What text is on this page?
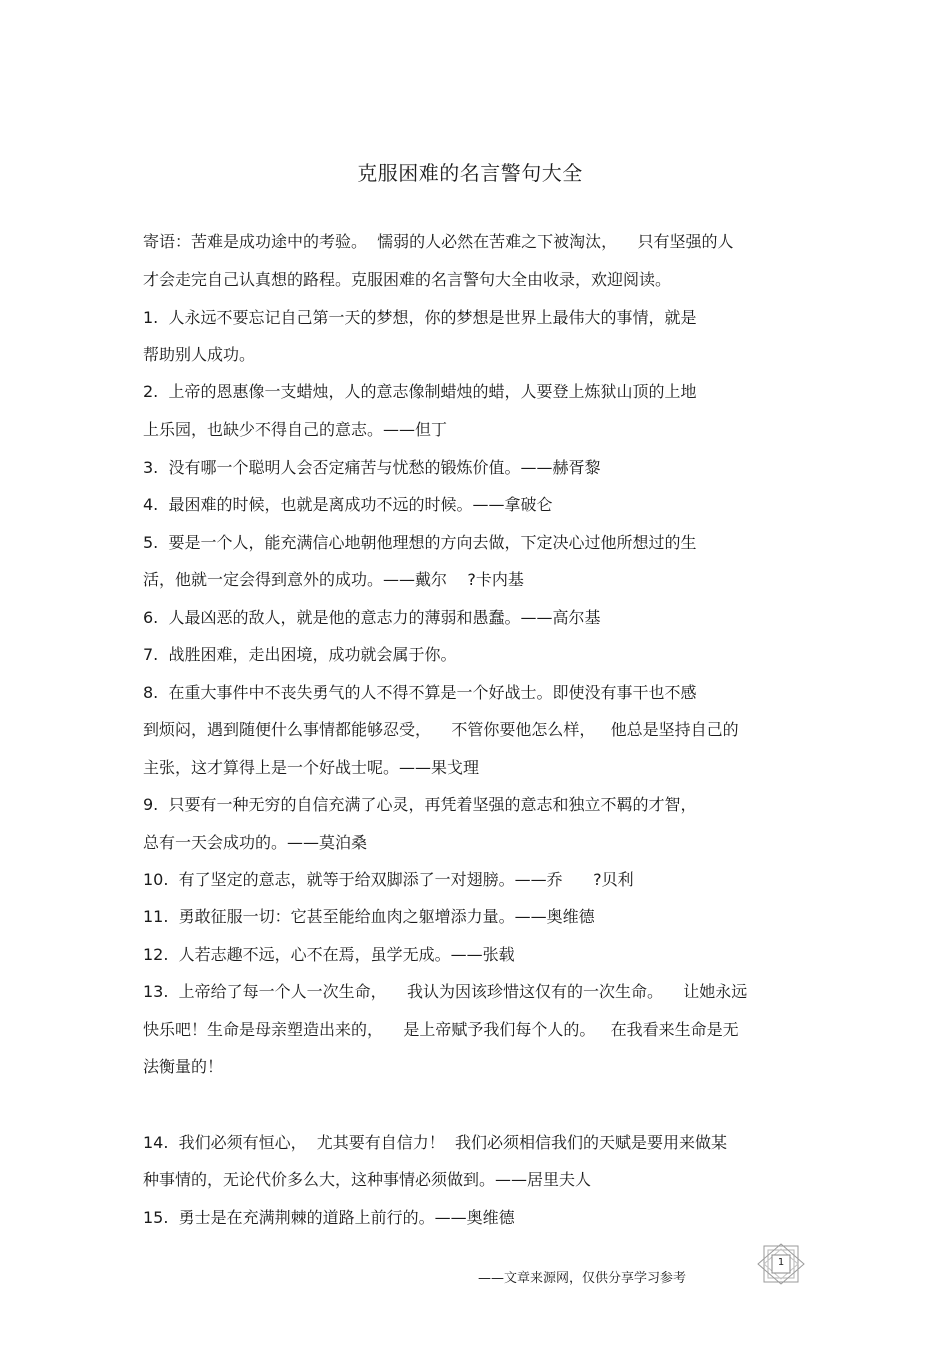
克服困难的名言警句大全
寄语：苦难是成功途中的考验。  懦弱的人必然在苦难之下被淘汰，    只有坚强的人
才会走完自己认真想的路程。克服困难的名言警句大全由收录，欢迎阅读。
1.  人永远不要忘记自己第一天的梦想，你的梦想是世界上最伟大的事情，就是
帮助别人成功。
2.  上帝的恩惠像一支蜡烛，人的意志像制蜡烛的蜡，人要登上炼狱山顶的上地
上乐园，也缺少不得自己的意志。——但丁
3.  没有哪一个聪明人会否定痛苦与忧愁的锻炼价值。——赫胥黎
4.  最困难的时候，也就是离成功不远的时候。——拿破仑
5.  要是一个人，能充满信心地朝他理想的方向去做，下定决心过他所想过的生
活，他就一定会得到意外的成功。——戴尔    ?卡内基
6.  人最凶恶的敌人，就是他的意志力的薄弱和愚蠢。——高尔基
7.  战胜困难，走出困境，成功就会属于你。
8.  在重大事件中不丧失勇气的人不得不算是一个好战士。即使没有事干也不感
到烦闷，遇到随便什么事情都能够忍受，    不管你要他怎么样，   他总是坚持自己的
主张，这才算得上是一个好战士呢。——果戈理
9.  只要有一种无穷的自信充满了心灵，再凭着坚强的意志和独立不羁的才智，
总有一天会成功的。——莫泊桑
10.  有了坚定的意志，就等于给双脚添了一对翅膀。——乔      ?贝利
11.  勇敢征服一切：它甚至能给血肉之躯增添力量。——奥维德
12.  人若志趣不远，心不在焉，虽学无成。——张载
13.  上帝给了每一个人一次生命，    我认为因该珍惜这仅有的一次生命。    让她永远
快乐吧！生命是母亲塑造出来的，    是上帝赋予我们每个人的。   在我看来生命是无
法衡量的！
14.  我们必须有恒心，  尤其要有自信力！  我们必须相信我们的天赋是要用来做某
种事情的，无论代价多么大，这种事情必须做到。——居里夫人
15.  勇士是在充满荆棘的道路上前行的。——奥维德
——文章来源网，仅供分享学习参考
1
